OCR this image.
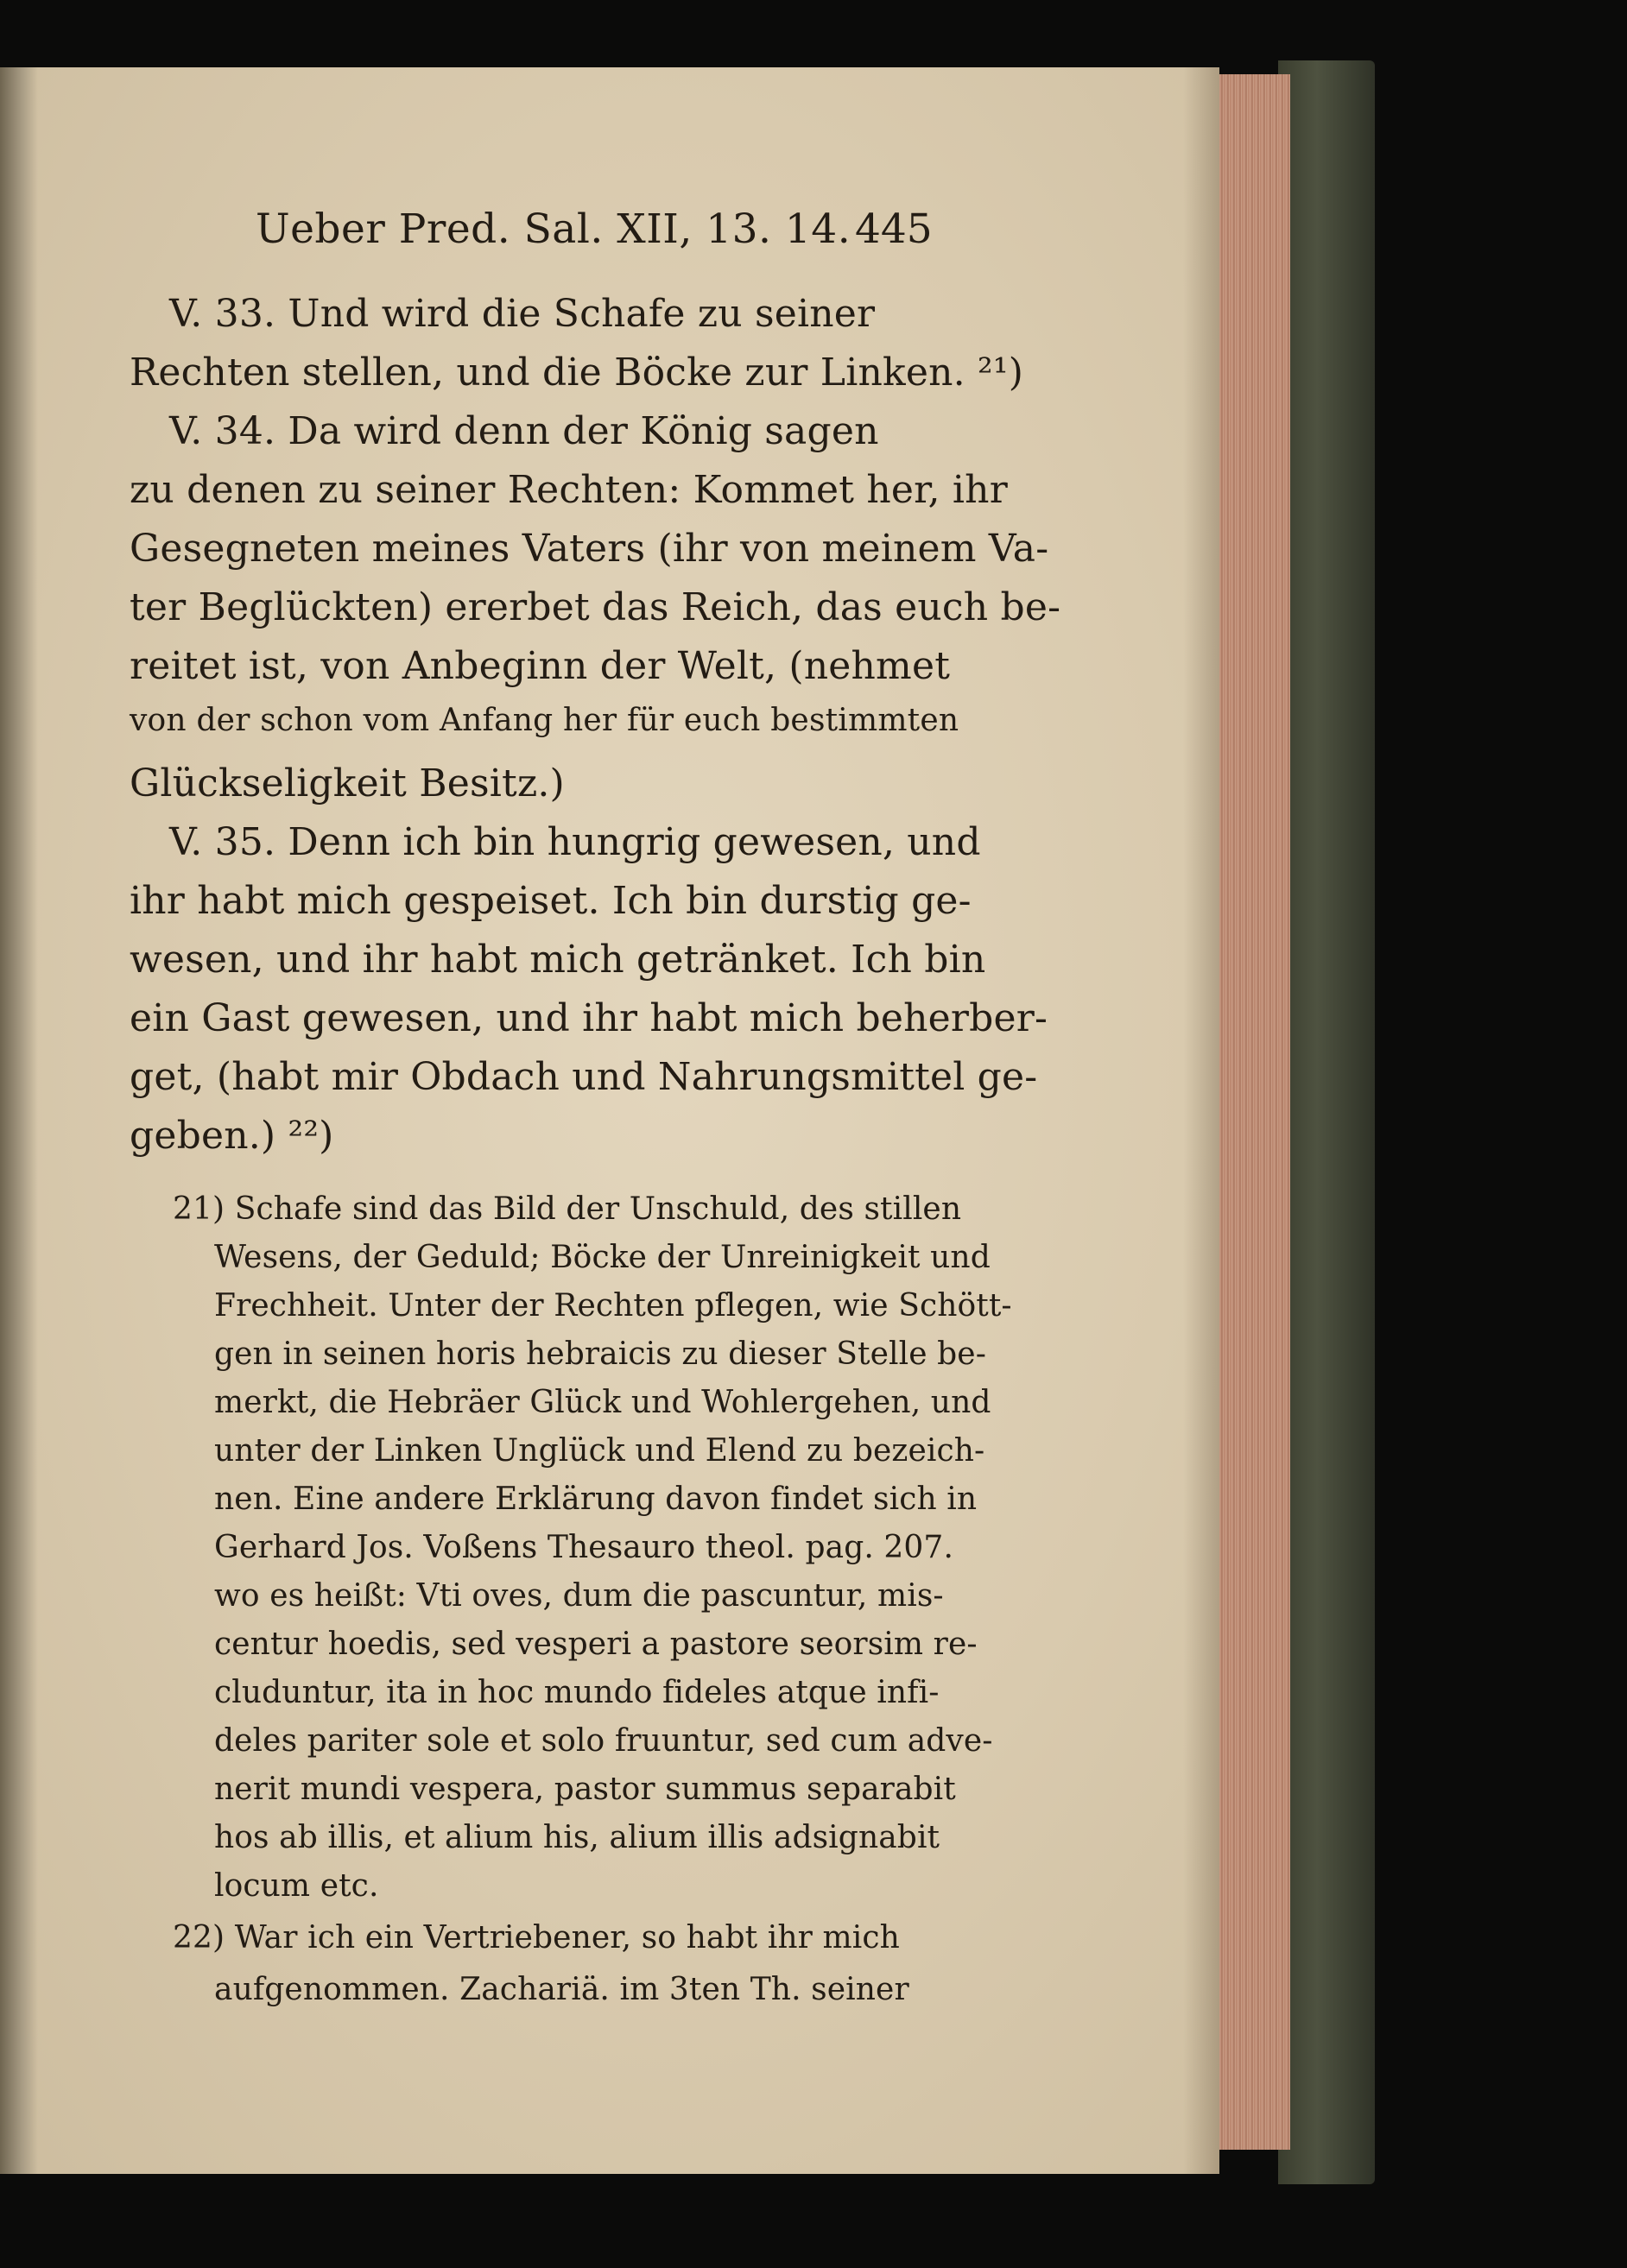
Ueber Pred. Sal. XII, 13. 14. 445
V. 33. Und wird die Schafe zu seiner
Rechten stellen, und die Böcke zur Linken. ²¹)
V. 34. Da wird denn der König sagen
zu denen zu seiner Rechten: Kommet her, ihr
Gesegneten meines Vaters (ihr von meinem Va-
ter Beglückten) ererbet das Reich, das euch be-
reitet ist, von Anbeginn der Welt, (nehmet
von der schon vom Anfang her für euch bestimmten
Glückseligkeit Besitz.)
V. 35. Denn ich bin hungrig gewesen, und
ihr habt mich gespeiset. Ich bin durstig ge-
wesen, und ihr habt mich getränket. Ich bin
ein Gast gewesen, und ihr habt mich beherber-
get, (habt mir Obdach und Nahrungsmittel ge-
geben.) ²²)
21) Schafe sind das Bild der Unschuld, des stillen
Wesens, der Geduld; Böcke der Unreinigkeit und
Frechheit. Unter der Rechten pflegen, wie Schött-
gen in seinen horis hebraicis zu dieser Stelle be-
merkt, die Hebräer Glück und Wohlergehen, und
unter der Linken Unglück und Elend zu bezeich-
nen. Eine andere Erklärung davon findet sich in
Gerhard Jos. Voßens Thesauro theol. pag. 207.
wo es heißt: Vti oves, dum die pascuntur, mis-
centur hoedis, sed vesperi a pastore seorsim re-
cluduntur, ita in hoc mundo fideles atque infi-
deles pariter sole et solo fruuntur, sed cum adve-
nerit mundi vespera, pastor summus separabit
hos ab illis, et alium his, alium illis adsignabit
locum etc.
22) War ich ein Vertriebener, so habt ihr mich
aufgenommen. Zachariä. im 3ten Th. seiner
